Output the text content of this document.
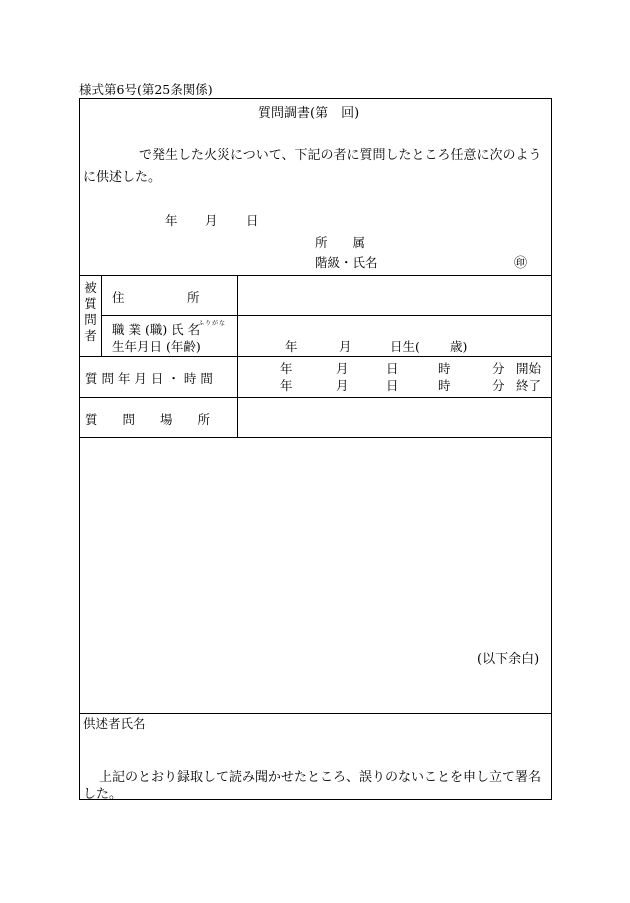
様式第6号(第25条関係)
質問調書(第　回)
で発生した火災について、下記の者に質問したところ任意に次のよう
に供述した。
年 月 日
所　　属
階級・氏名	㊞
被
質
問
者
住　　　　　所
ふりがな
職 業 (職) 氏 名
生年月日 (年齢)	年	月	日生( 歳)
質 問 年 月 日 ・ 時 間
年	月	日	時	分 開始
年	月	日	時	分 終了
質　　問　　場　　所
(以下余白)
供述者氏名
上記のとおり録取して読み聞かせたところ、誤りのないことを申し立て署名
した。
